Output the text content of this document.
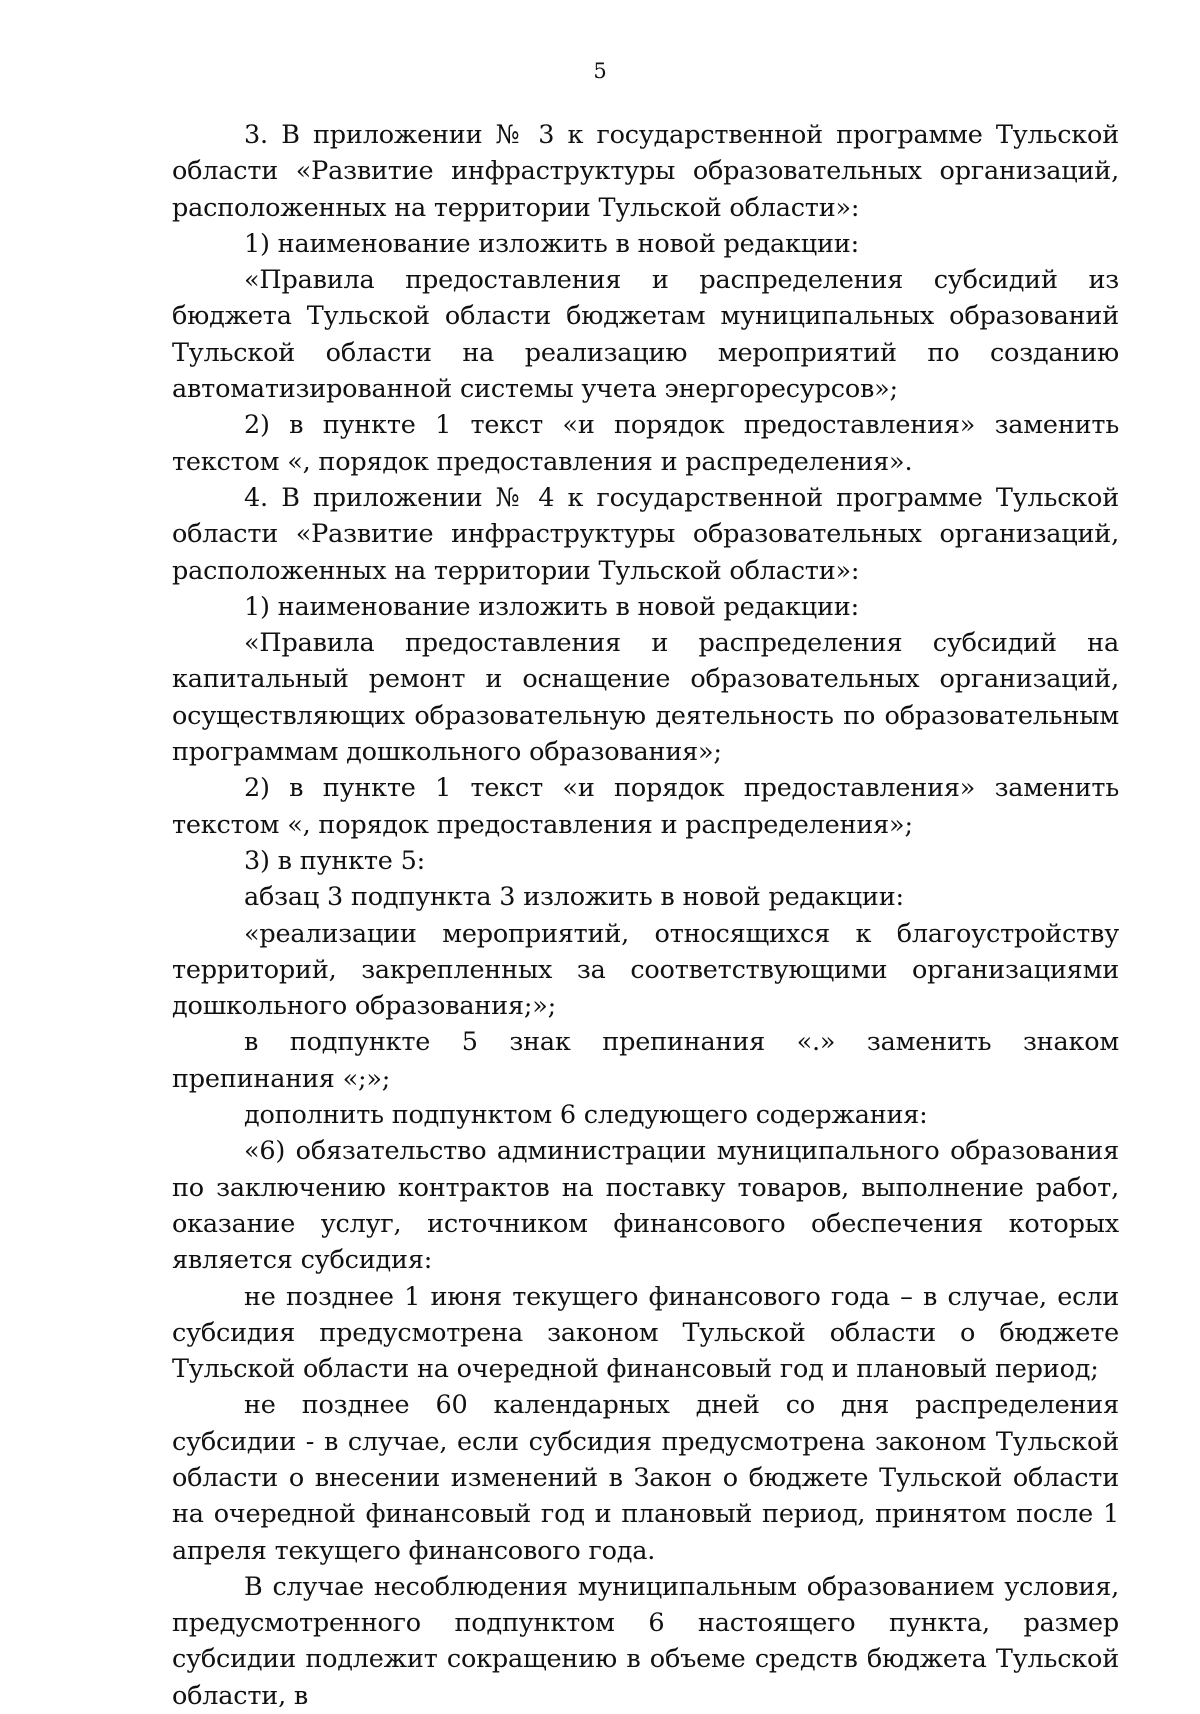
5

3. В приложении № 3 к государственной программе Тульской области «Развитие инфраструктуры образовательных организаций, расположенных на территории Тульской области»:

1) наименование изложить в новой редакции:

«Правила предоставления и распределения субсидий из бюджета Тульской области бюджетам муниципальных образований Тульской области на реализацию мероприятий по созданию автоматизированной системы учета энергоресурсов»;

2) в пункте 1 текст «и порядок предоставления» заменить текстом «, порядок предоставления и распределения».

4. В приложении № 4 к государственной программе Тульской области «Развитие инфраструктуры образовательных организаций, расположенных на территории Тульской области»:

1) наименование изложить в новой редакции:

«Правила предоставления и распределения субсидий на капитальный ремонт и оснащение образовательных организаций, осуществляющих образовательную деятельность по образовательным программам дошкольного образования»;

2) в пункте 1 текст «и порядок предоставления» заменить текстом «, порядок предоставления и распределения»;

3) в пункте 5:

абзац 3 подпункта 3 изложить в новой редакции:

«реализации мероприятий, относящихся к благоустройству территорий, закрепленных за соответствующими организациями дошкольного образования;»;

в подпункте 5 знак препинания «.» заменить знаком препинания «;»;

дополнить подпунктом 6 следующего содержания:

«6) обязательство администрации муниципального образования по заключению контрактов на поставку товаров, выполнение работ, оказание услуг, источником финансового обеспечения которых является субсидия:

не позднее 1 июня текущего финансового года – в случае, если субсидия предусмотрена законом Тульской области о бюджете Тульской области на очередной финансовый год и плановый период;

не позднее 60 календарных дней со дня распределения субсидии - в случае, если субсидия предусмотрена законом Тульской области о внесении изменений в Закон о бюджете Тульской области на очередной финансовый год и плановый период, принятом после 1 апреля текущего финансового года.

В случае несоблюдения муниципальным образованием условия, предусмотренного подпунктом 6 настоящего пункта, размер субсидии подлежит сокращению в объеме средств бюджета Тульской области, в
